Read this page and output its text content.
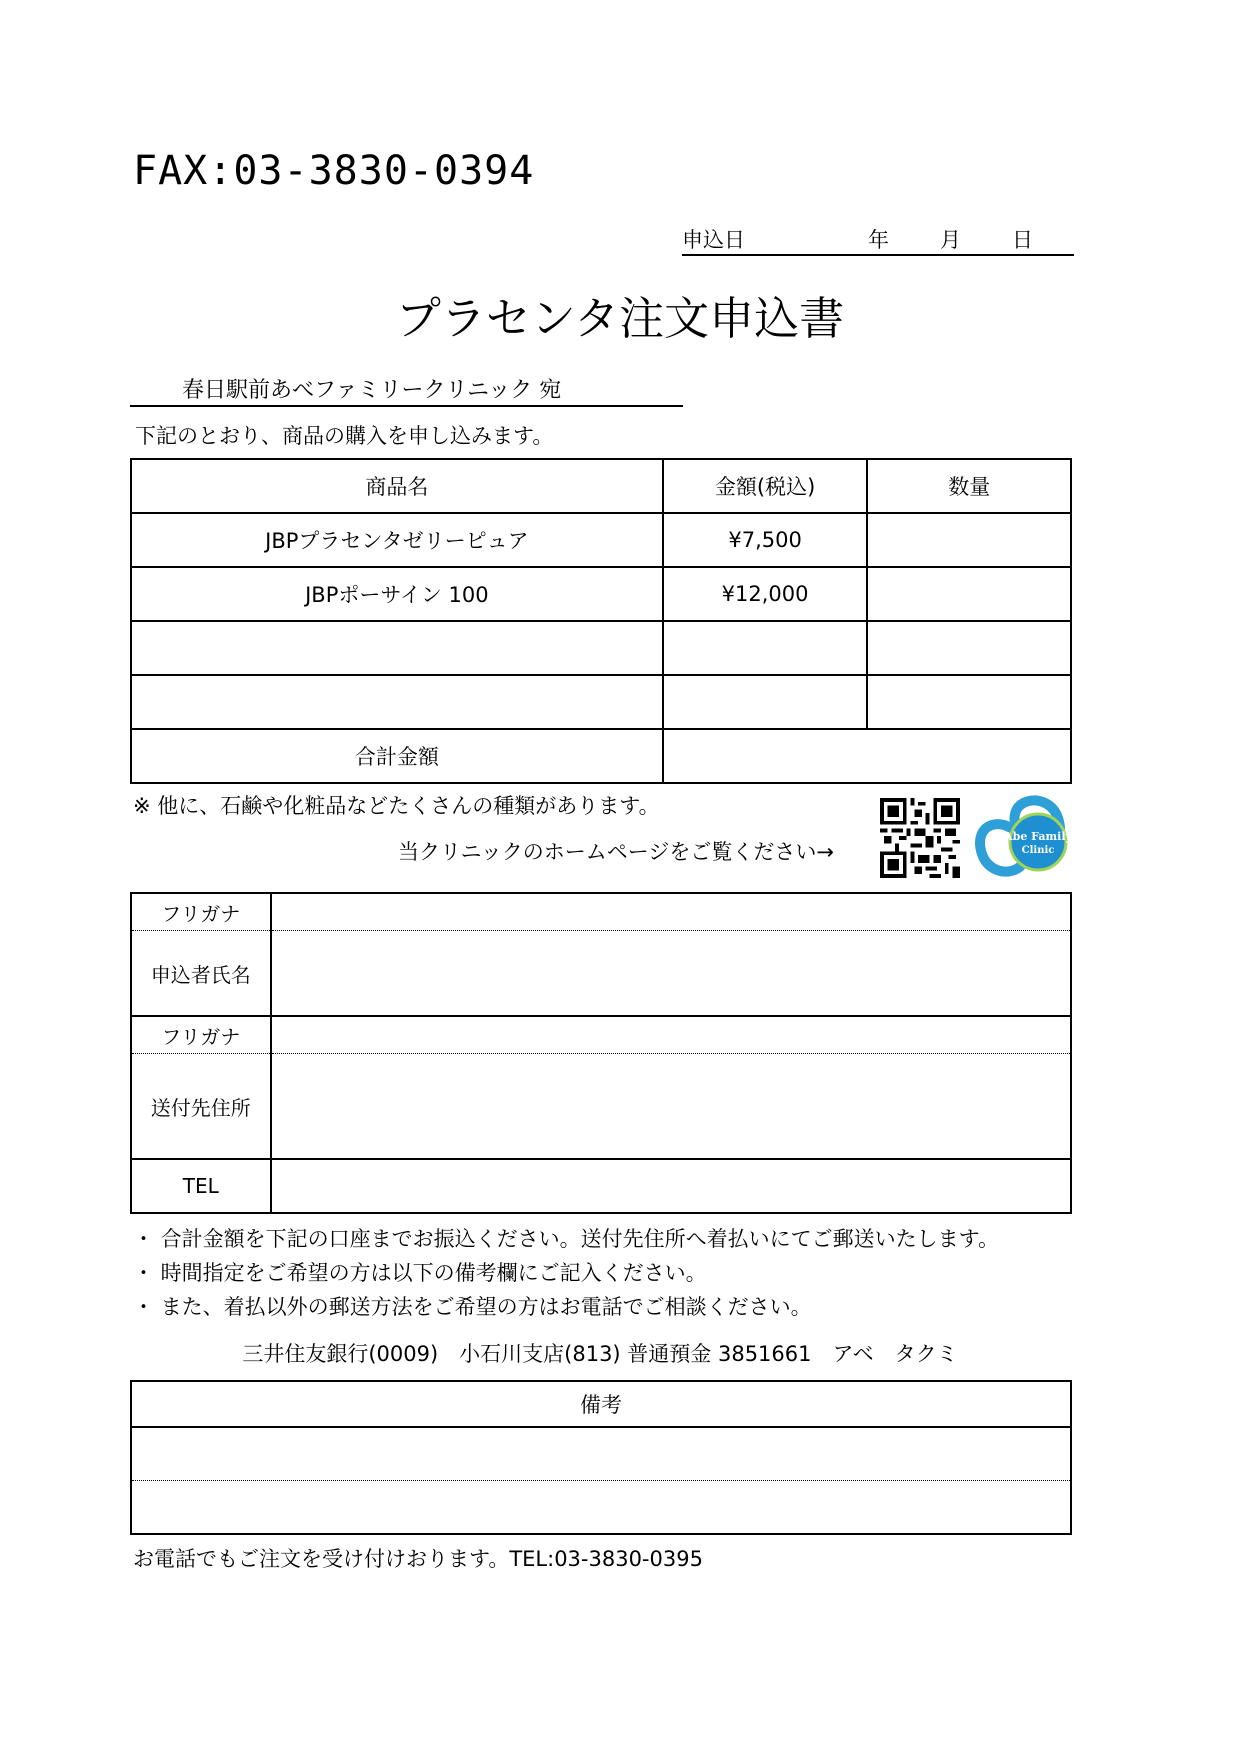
FAX:03-3830-0394
申込日	年 月 日
プラセンタ注文申込書
春日駅前あべファミリークリニック 宛
下記のとおり、商品の購入を申し込みます。
商品名	金額(税込)	数量
JBPプラセンタゼリーピュア	¥7,500	
JBPポーサイン 100	¥12,000	

合計金額		
※ 他に、石鹸や化粧品などたくさんの種類があります。
当クリニックのホームページをご覧ください→
Abe Family
Clinic
フリガナ	
申込者氏名	
フリガナ	
送付先住所	
TEL	
・ 合計金額を下記の口座までお振込ください。送付先住所へ着払いにてご郵送いたします。
・ 時間指定をご希望の方は以下の備考欄にご記入ください。
・ また、着払以外の郵送方法をご希望の方はお電話でご相談ください。
三井住友銀行(0009)　小石川支店(813) 普通預金 3851661　アベ　タクミ
備考

お電話でもご注文を受け付けおります。TEL:03-3830-0395
